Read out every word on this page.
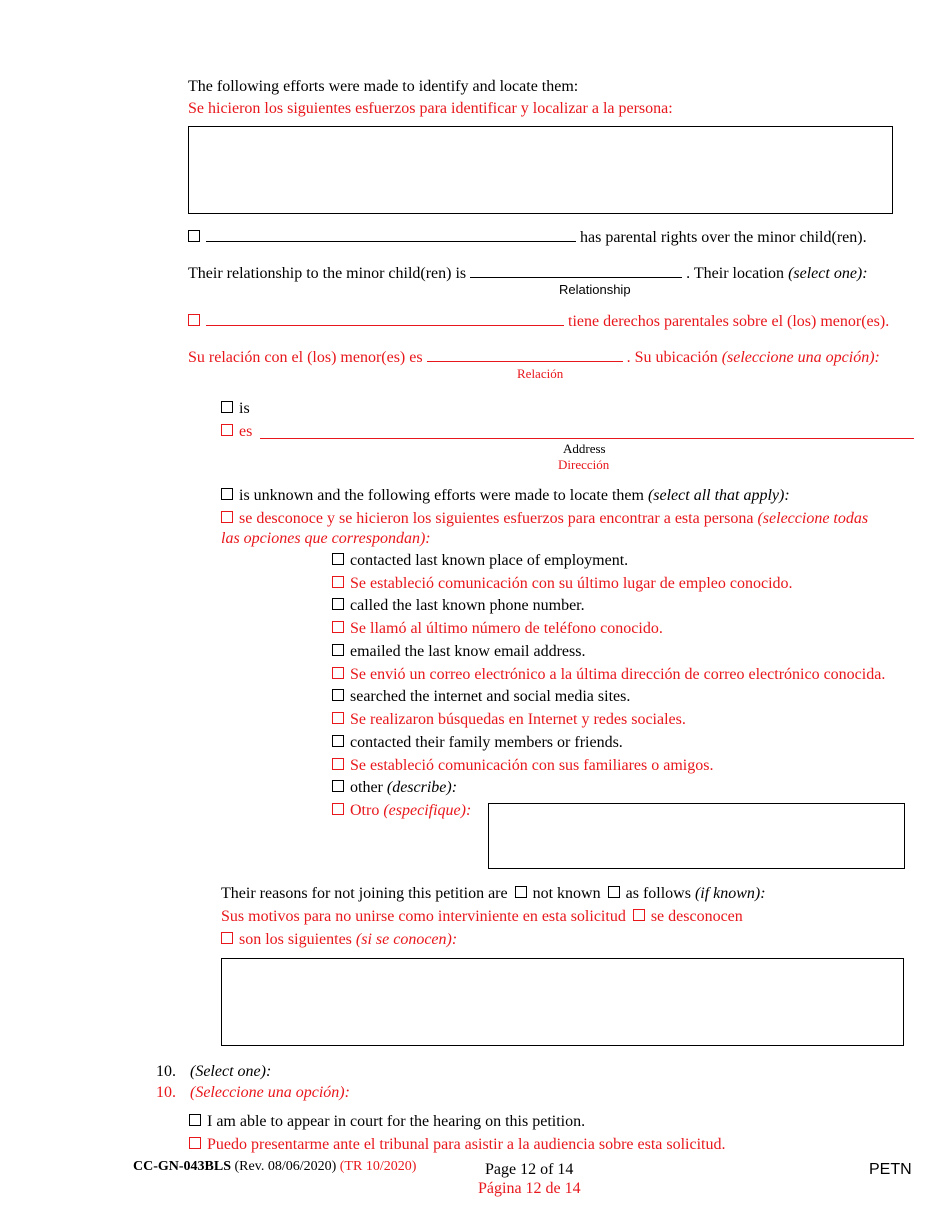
The following efforts were made to identify and locate them:
Se hicieron los siguientes esfuerzos para identificar y localizar a la persona:
has parental rights over the minor child(ren).
Their relationship to the minor child(ren) is	. Their location (select one):
Relationship
tiene derechos parentales sobre el (los) menor(es).
Su relación con el (los) menor(es) es	. Su ubicación (seleccione una opción):
Relación
is
es
Address
Dirección
is unknown and the following efforts were made to locate them (select all that apply):
se desconoce y se hicieron los siguientes esfuerzos para encontrar a esta persona (seleccione todas
las opciones que correspondan):
contacted last known place of employment.
Se estableció comunicación con su último lugar de empleo conocido.
called the last known phone number.
Se llamó al último número de teléfono conocido.
emailed the last know email address.
Se envió un correo electrónico a la última dirección de correo electrónico conocida.
searched the internet and social media sites.
Se realizaron búsquedas en Internet y redes sociales.
contacted their family members or friends.
Se estableció comunicación con sus familiares o amigos.
other (describe):
Otro (especifique):
Their reasons for not joining this petition are not known as follows (if known):
Sus motivos para no unirse como interviniente en esta solicitud se desconocen
son los siguientes (si se conocen):
10. (Select one):
10. (Seleccione una opción):
I am able to appear in court for the hearing on this petition.
Puedo presentarme ante el tribunal para asistir a la audiencia sobre esta solicitud.
CC-GN-043BLS (Rev. 08/06/2020) (TR 10/2020)	Page 12 of 14
Página 12 de 14
PETN
